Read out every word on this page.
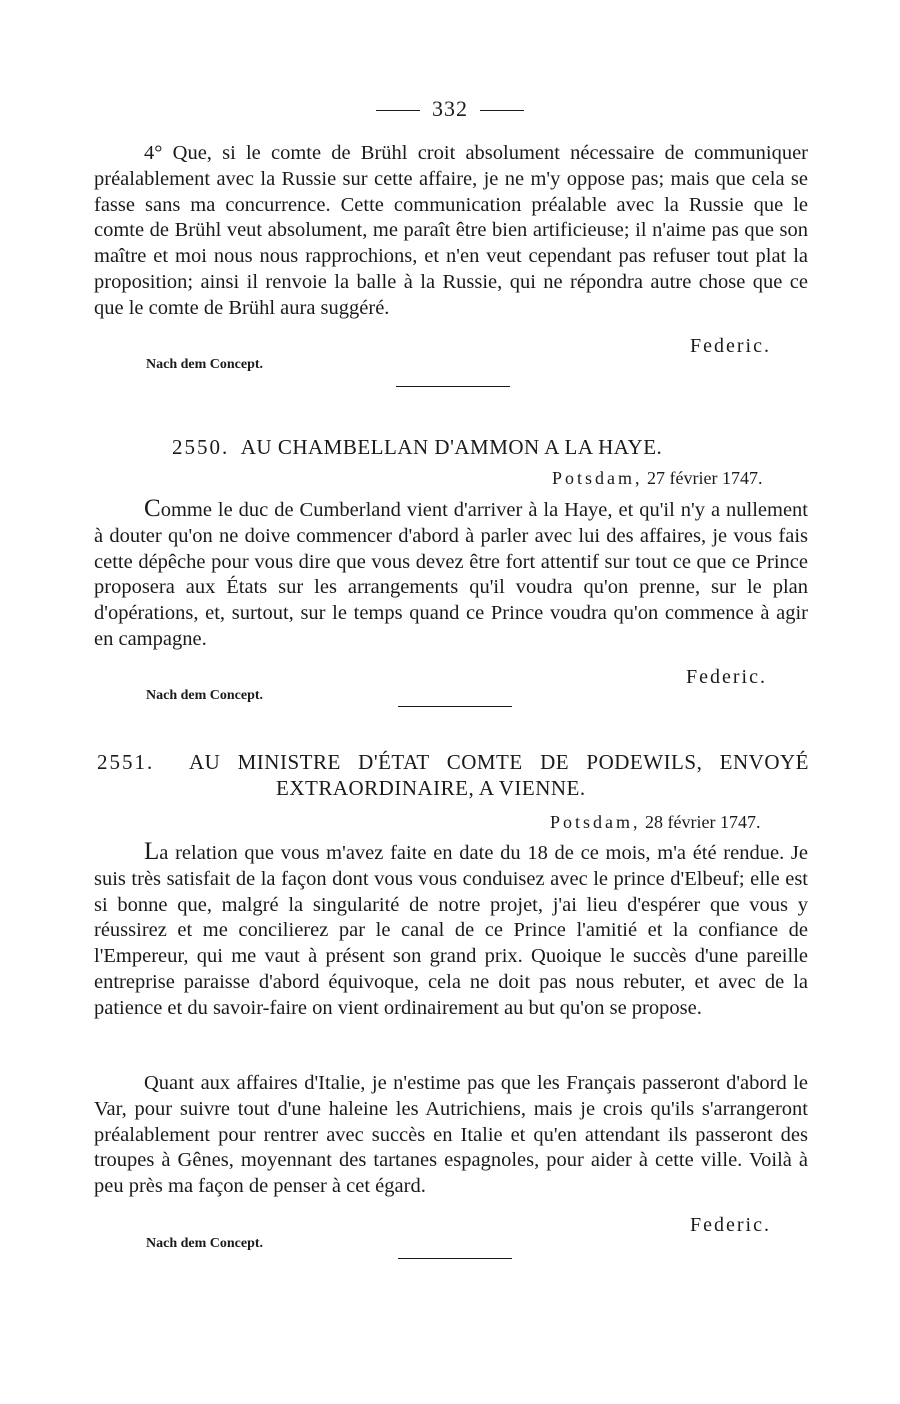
332

4° Que, si le comte de Brühl croit absolument nécessaire de communiquer préalablement avec la Russie sur cette affaire, je ne m'y oppose pas; mais que cela se fasse sans ma concurrence. Cette communication préalable avec la Russie que le comte de Brühl veut absolument, me paraît être bien artificieuse; il n'aime pas que son maître et moi nous nous rapprochions, et n'en veut cependant pas refuser tout plat la proposition; ainsi il renvoie la balle à la Russie, qui ne répondra autre chose que ce que le comte de Brühl aura suggéré.

Federic.
Nach dem Concept.
2550. AU CHAMBELLAN D'AMMON A LA HAYE.
Potsdam, 27 février 1747.

Comme le duc de Cumberland vient d'arriver à la Haye, et qu'il n'y a nullement à douter qu'on ne doive commencer d'abord à parler avec lui des affaires, je vous fais cette dépêche pour vous dire que vous devez être fort attentif sur tout ce que ce Prince proposera aux États sur les arrangements qu'il voudra qu'on prenne, sur le plan d'opérations, et, surtout, sur le temps quand ce Prince voudra qu'on commence à agir en campagne.

Federic.
Nach dem Concept.
2551. AU MINISTRE D'ÉTAT COMTE DE PODEWILS, ENVOYÉ
EXTRAORDINAIRE, A VIENNE.
Potsdam, 28 février 1747.

La relation que vous m'avez faite en date du 18 de ce mois, m'a été rendue. Je suis très satisfait de la façon dont vous vous conduisez avec le prince d'Elbeuf; elle est si bonne que, malgré la singularité de notre projet, j'ai lieu d'espérer que vous y réussirez et me concilierez par le canal de ce Prince l'amitié et la confiance de l'Empereur, qui me vaut à présent son grand prix. Quoique le succès d'une pareille entreprise paraisse d'abord équivoque, cela ne doit pas nous rebuter, et avec de la patience et du savoir-faire on vient ordinairement au but qu'on se propose.

Quant aux affaires d'Italie, je n'estime pas que les Français passeront d'abord le Var, pour suivre tout d'une haleine les Autrichiens, mais je crois qu'ils s'arrangeront préalablement pour rentrer avec succès en Italie et qu'en attendant ils passeront des troupes à Gênes, moyennant des tartanes espagnoles, pour aider à cette ville. Voilà à peu près ma façon de penser à cet égard.

Federic.
Nach dem Concept.
